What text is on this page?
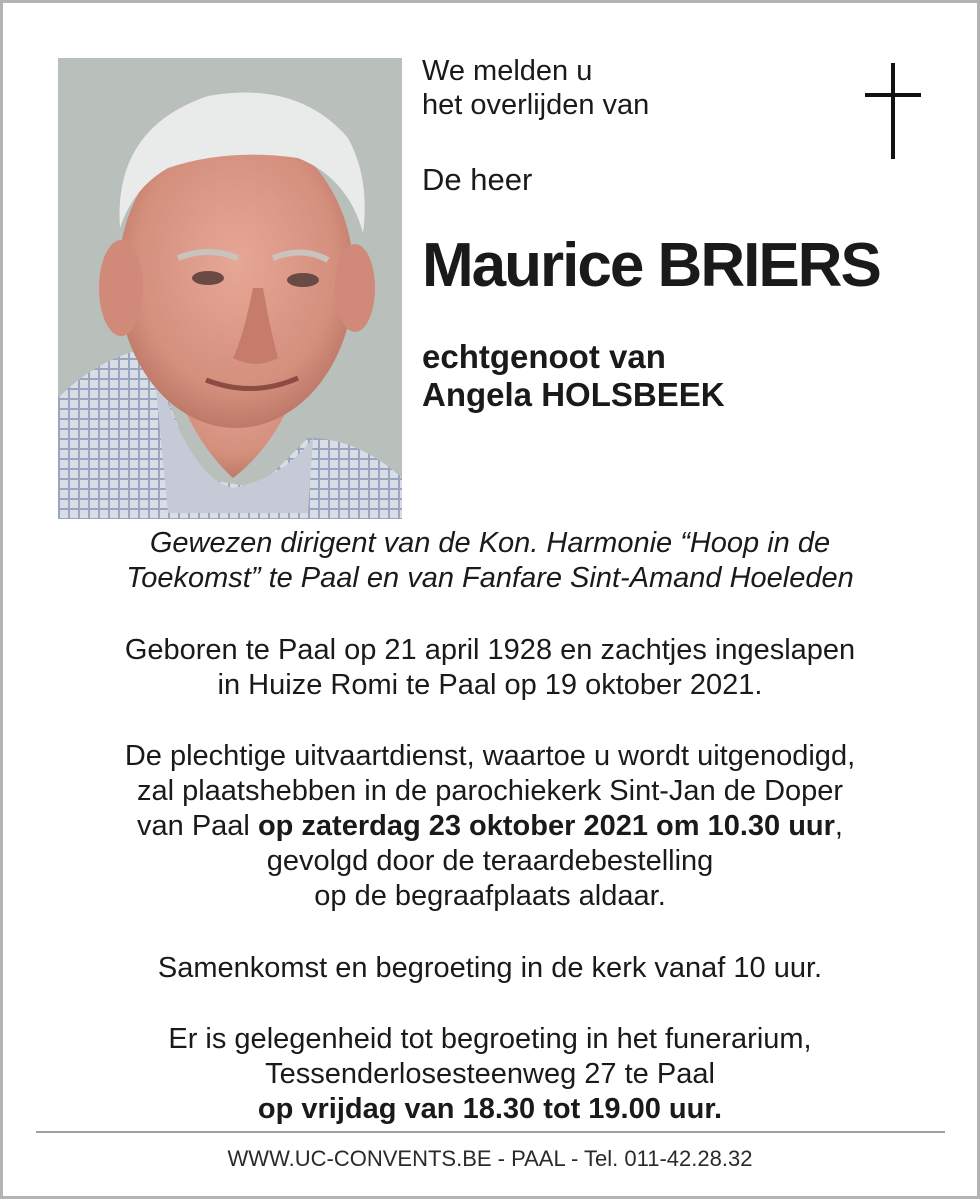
We melden u
het overlijden van
De heer
Maurice BRIERS
echtgenoot van
Angela HOLSBEEK
Gewezen dirigent van de Kon. Harmonie “Hoop in de
Toekomst” te Paal en van Fanfare Sint-Amand Hoeleden
Geboren te Paal op 21 april 1928 en zachtjes ingeslapen
in Huize Romi te Paal op 19 oktober 2021.
De plechtige uitvaartdienst, waartoe u wordt uitgenodigd,
zal plaatshebben in de parochiekerk Sint-Jan de Doper
van Paal op zaterdag 23 oktober 2021 om 10.30 uur,
gevolgd door de teraardebestelling
op de begraafplaats aldaar.
Samenkomst en begroeting in de kerk vanaf 10 uur.
Er is gelegenheid tot begroeting in het funerarium,
Tessenderlosesteenweg 27 te Paal
op vrijdag van 18.30 tot 19.00 uur.
WWW.UC-CONVENTS.BE - PAAL - Tel. 011-42.28.32
